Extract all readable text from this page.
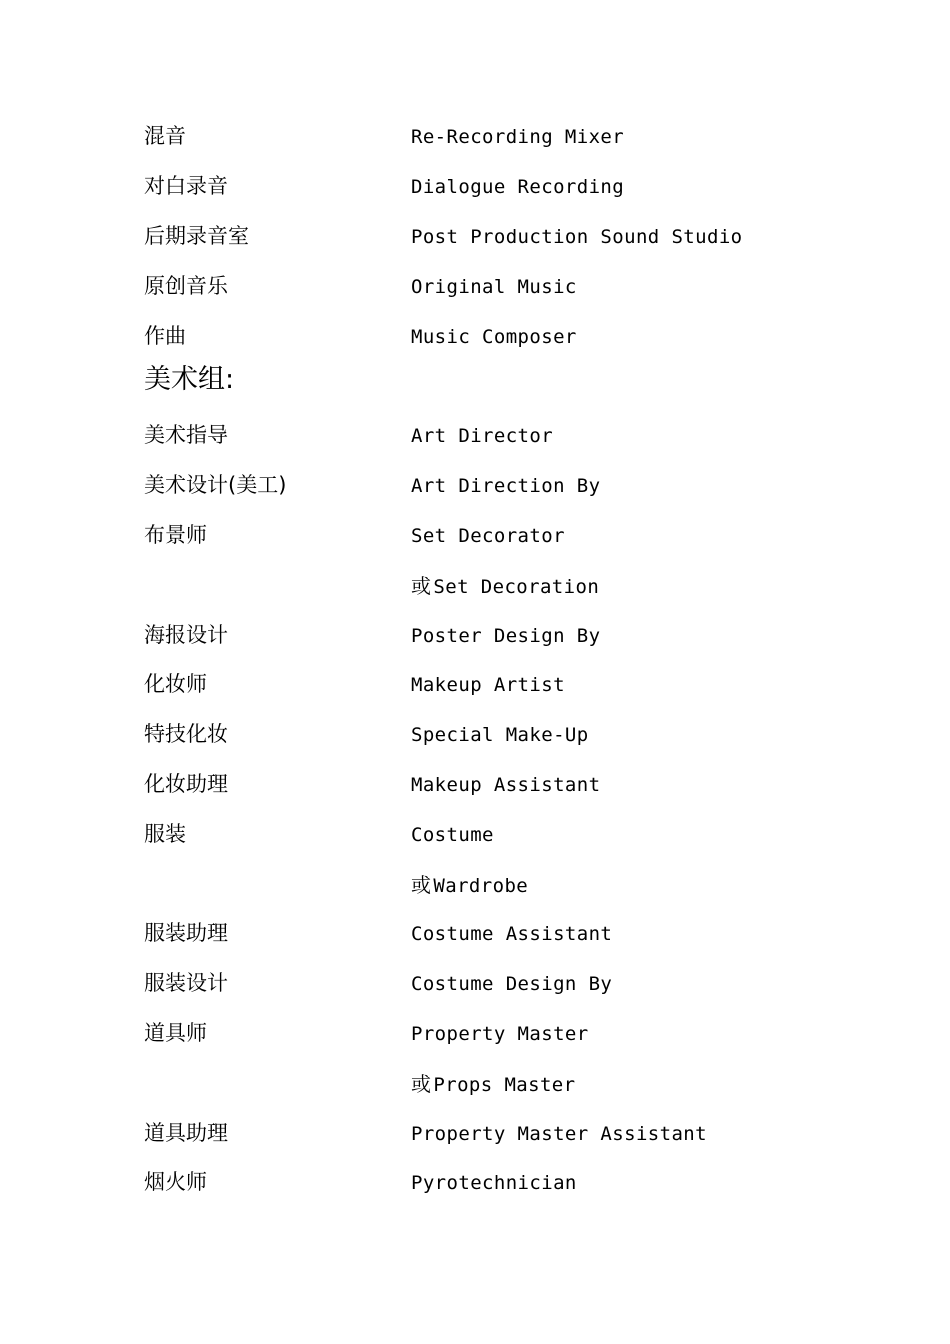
混音	Re-Recording Mixer
对白录音	Dialogue Recording
后期录音室	Post Production Sound Studio
原创音乐	Original Music
作曲	Music Composer
美术组:
美术指导	Art Director
美术设计(美工)	Art Direction By
布景师	Set Decorator
或 Set Decoration
海报设计	Poster Design By
化妆师	Makeup Artist
特技化妆	Special Make-Up
化妆助理	Makeup Assistant
服装	Costume
或 Wardrobe
服装助理	Costume Assistant
服装设计	Costume Design By
道具师	Property Master
或 Props Master
道具助理	Property Master Assistant
烟火师	Pyrotechnician
